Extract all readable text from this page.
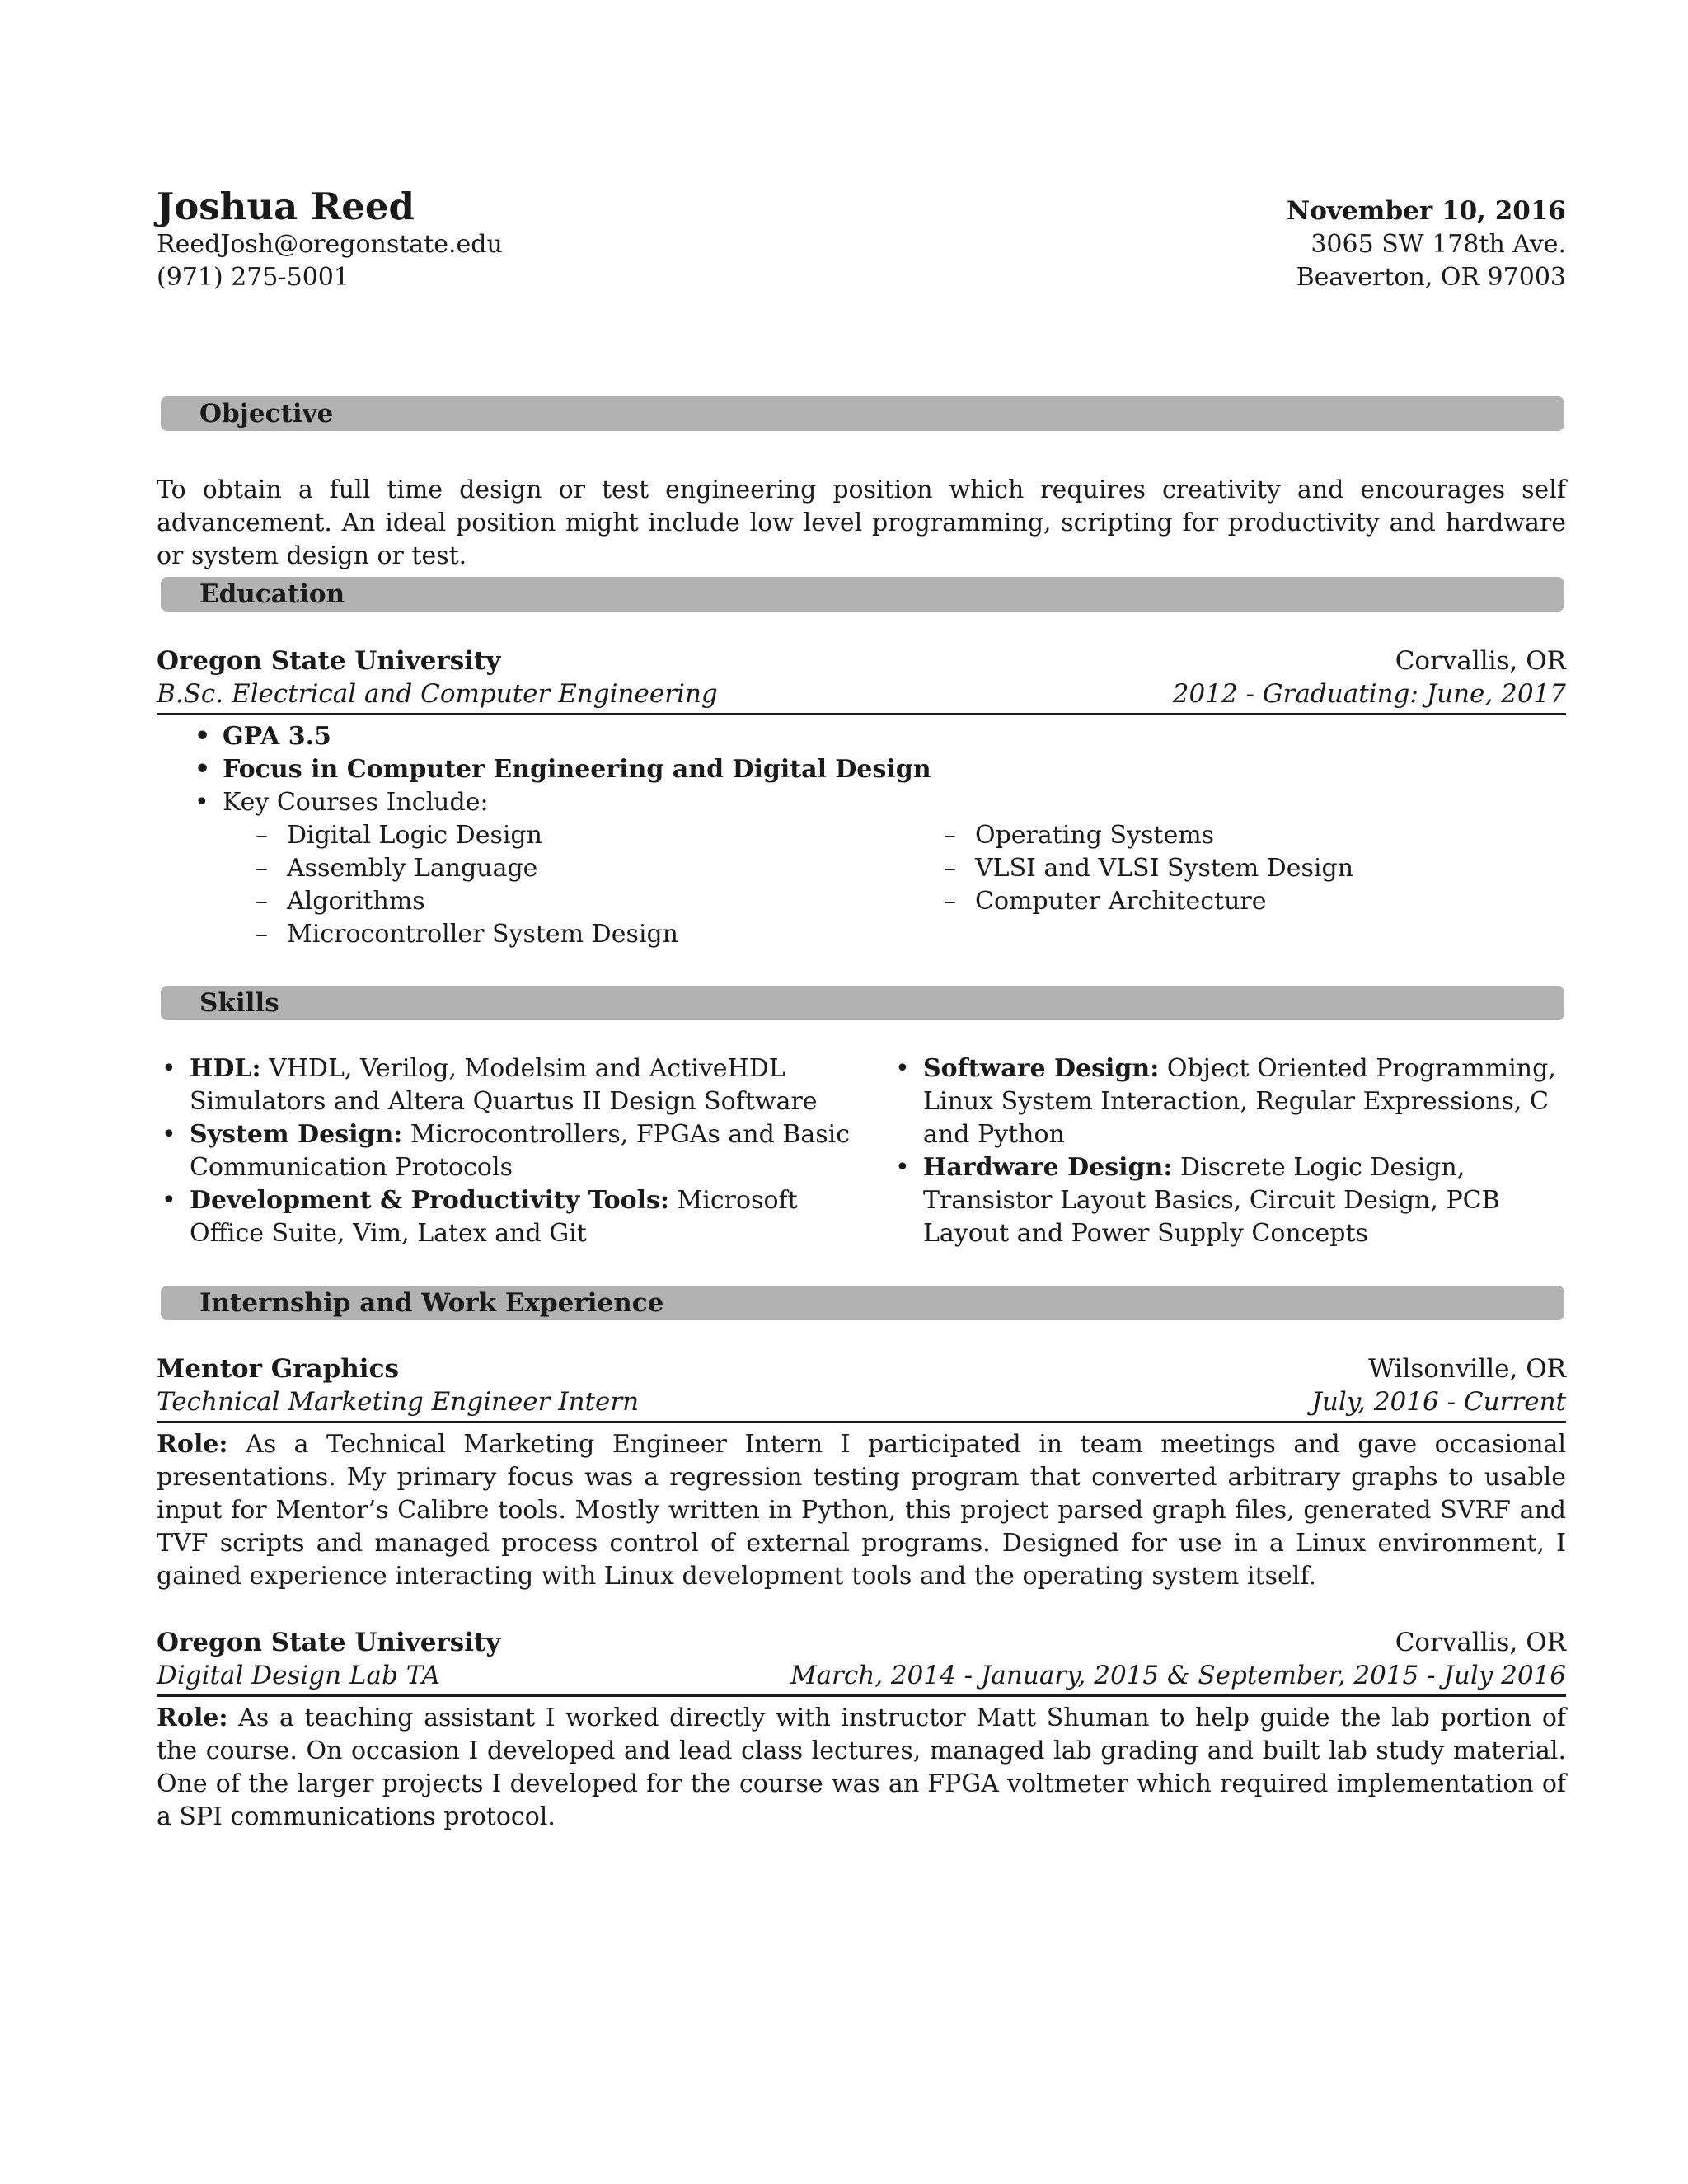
Joshua Reed	November 10, 2016
ReedJosh@oregonstate.edu	3065 SW 178th Ave.
(971) 275-5001	Beaverton, OR 97003
Objective
To obtain a full time design or test engineering position which requires creativity and encourages self advancement. An ideal position might include low level programming, scripting for productivity and hardware or system design or test.
Education
Oregon State University	Corvallis, OR
B.Sc. Electrical and Computer Engineering	2012 - Graduating: June, 2017
• GPA 3.5
• Focus in Computer Engineering and Digital Design
• Key Courses Include:
– Digital Logic Design
– Assembly Language
– Algorithms
– Microcontroller System Design
– Operating Systems
– VLSI and VLSI System Design
– Computer Architecture
Skills
• HDL: VHDL, Verilog, Modelsim and ActiveHDL Simulators and Altera Quartus II Design Software
• System Design: Microcontrollers, FPGAs and Basic Communication Protocols
• Development & Productivity Tools: Microsoft Office Suite, Vim, Latex and Git
• Software Design: Object Oriented Programming, Linux System Interaction, Regular Expressions, C and Python
• Hardware Design: Discrete Logic Design, Transistor Layout Basics, Circuit Design, PCB Layout and Power Supply Concepts
Internship and Work Experience
Mentor Graphics	Wilsonville, OR
Technical Marketing Engineer Intern	July, 2016 - Current
Role: As a Technical Marketing Engineer Intern I participated in team meetings and gave occasional presentations. My primary focus was a regression testing program that converted arbitrary graphs to usable input for Mentor’s Calibre tools. Mostly written in Python, this project parsed graph files, generated SVRF and TVF scripts and managed process control of external programs. Designed for use in a Linux environment, I gained experience interacting with Linux development tools and the operating system itself.
Oregon State University	Corvallis, OR
Digital Design Lab TA	March, 2014 - January, 2015 & September, 2015 - July 2016
Role: As a teaching assistant I worked directly with instructor Matt Shuman to help guide the lab portion of the course. On occasion I developed and lead class lectures, managed lab grading and built lab study material. One of the larger projects I developed for the course was an FPGA voltmeter which required implementation of a SPI communications protocol.
